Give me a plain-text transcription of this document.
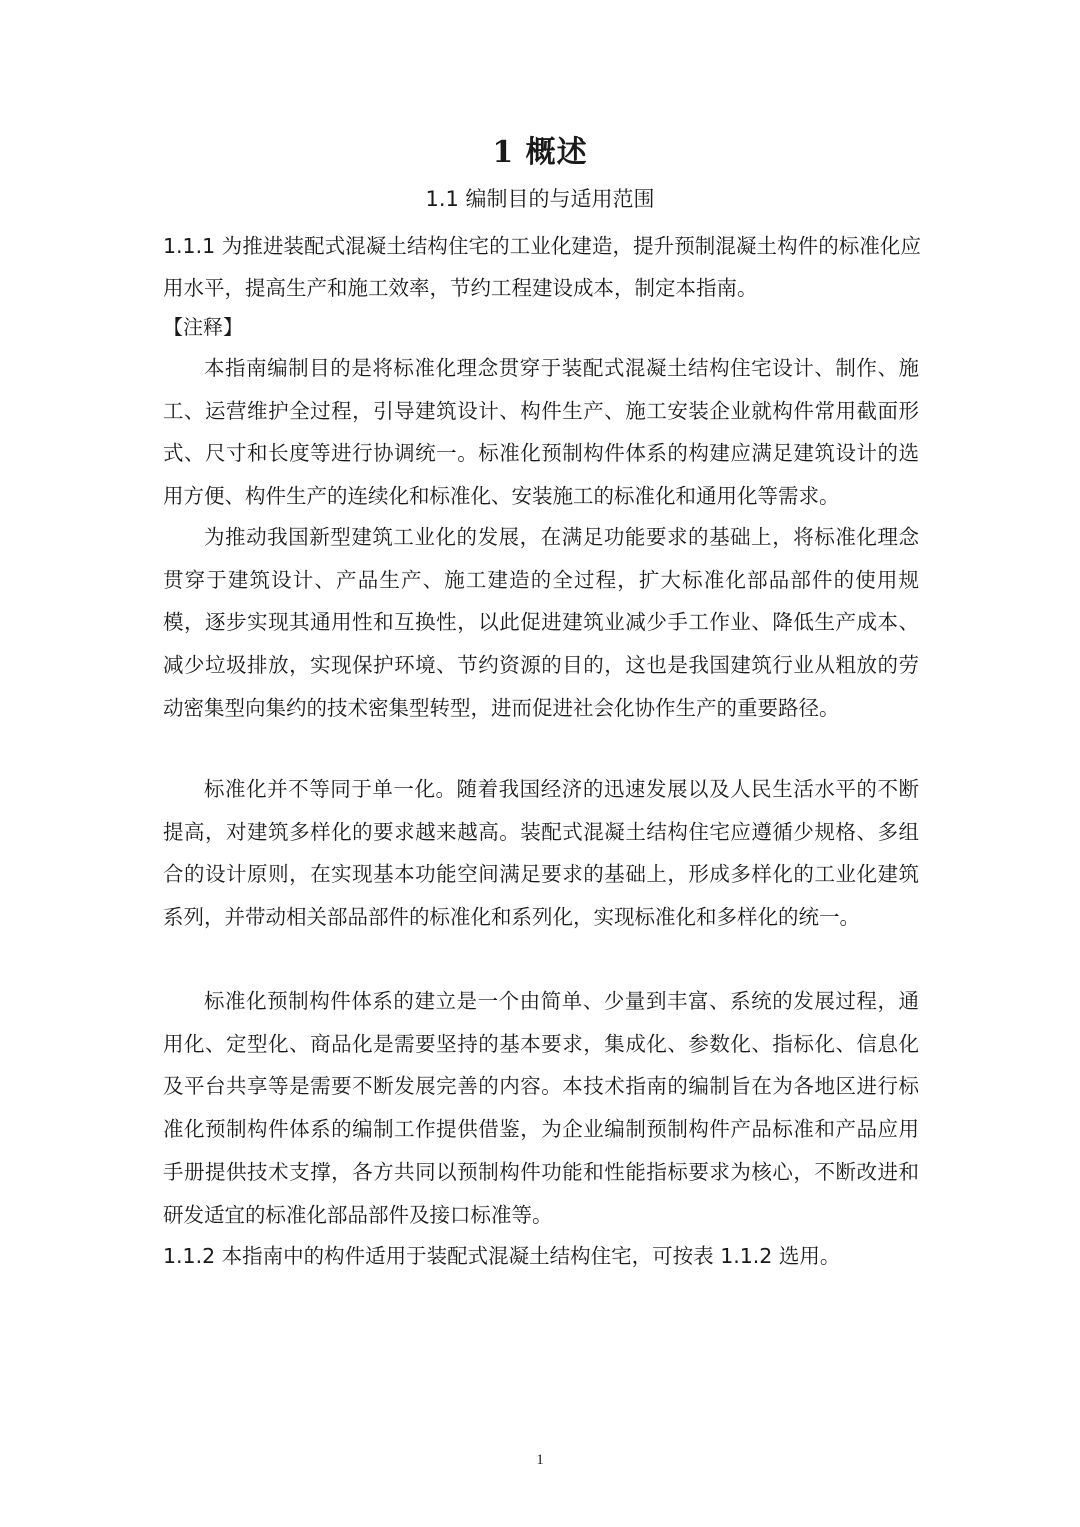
1 概述
1.1 编制目的与适用范围

1.1.1 为推进装配式混凝土结构住宅的工业化建造，提升预制混凝土构件的标准化应用水平，提高生产和施工效率，节约工程建设成本，制定本指南。

【注释】

本指南编制目的是将标准化理念贯穿于装配式混凝土结构住宅设计、制作、施工、运营维护全过程，引导建筑设计、构件生产、施工安装企业就构件常用截面形式、尺寸和长度等进行协调统一。标准化预制构件体系的构建应满足建筑设计的选用方便、构件生产的连续化和标准化、安装施工的标准化和通用化等需求。

为推动我国新型建筑工业化的发展，在满足功能要求的基础上，将标准化理念贯穿于建筑设计、产品生产、施工建造的全过程，扩大标准化部品部件的使用规模，逐步实现其通用性和互换性，以此促进建筑业减少手工作业、降低生产成本、减少垃圾排放，实现保护环境、节约资源的目的，这也是我国建筑行业从粗放的劳动密集型向集约的技术密集型转型，进而促进社会化协作生产的重要路径。

标准化并不等同于单一化。随着我国经济的迅速发展以及人民生活水平的不断提高，对建筑多样化的要求越来越高。装配式混凝土结构住宅应遵循少规格、多组合的设计原则，在实现基本功能空间满足要求的基础上，形成多样化的工业化建筑系列，并带动相关部品部件的标准化和系列化，实现标准化和多样化的统一。

标准化预制构件体系的建立是一个由简单、少量到丰富、系统的发展过程，通用化、定型化、商品化是需要坚持的基本要求，集成化、参数化、指标化、信息化及平台共享等是需要不断发展完善的内容。本技术指南的编制旨在为各地区进行标准化预制构件体系的编制工作提供借鉴，为企业编制预制构件产品标准和产品应用手册提供技术支撑，各方共同以预制构件功能和性能指标要求为核心，不断改进和研发适宜的标准化部品部件及接口标准等。

1.1.2 本指南中的构件适用于装配式混凝土结构住宅，可按表 1.1.2 选用。

1
